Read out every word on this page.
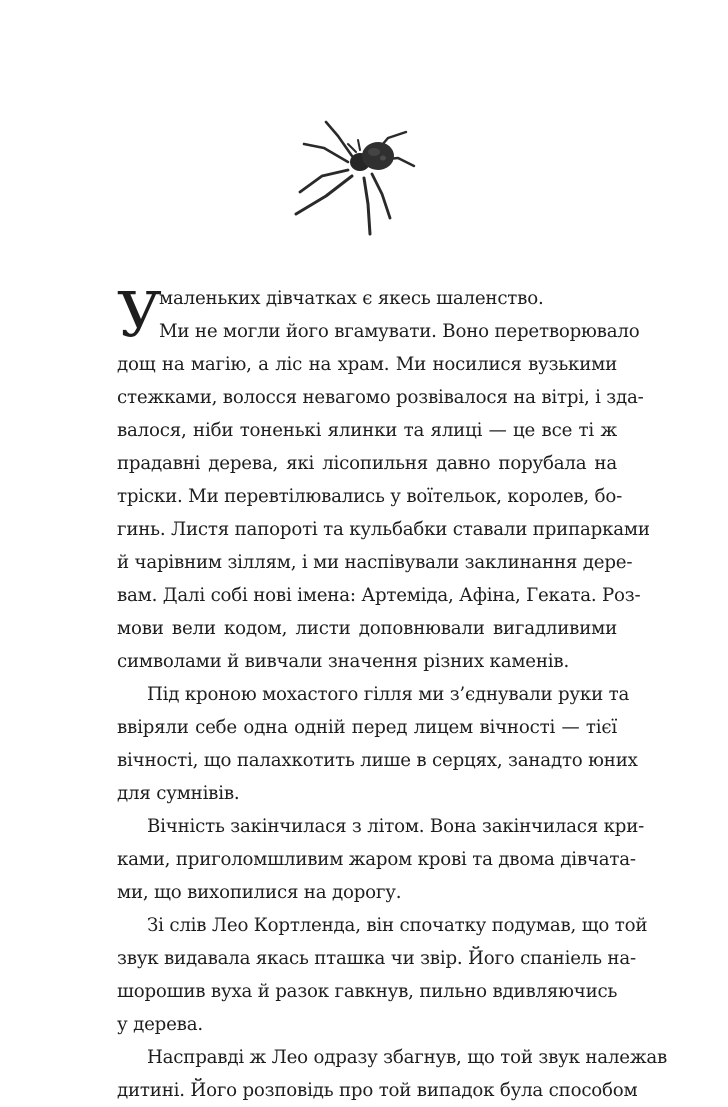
У
маленьких дівчатках є якесь шаленство.
Ми не могли його вгамувати. Воно перетворювало
дощ на магію, а ліс на храм. Ми носилися вузькими
стежками, волосся невагомо розвівалося на вітрі, і зда-
валося, ніби тоненькі ялинки та ялиці — це все ті ж
прадавні дерева, які лісопильня давно порубала на
тріски. Ми перевтілювались у воїтельок, королев, бо-
гинь. Листя папороті та кульбабки ставали припарками
й чарівним зіллям, і ми наспівували заклинання дере-
вам. Далі собі нові імена: Артеміда, Афіна, Геката. Роз-
мови вели кодом, листи доповнювали вигадливими
символами й вивчали значення різних каменів.
Під кроною мохастого гілля ми з’єднували руки та
ввіряли себе одна одній перед лицем вічності — тієї
вічності, що палахкотить лише в серцях, занадто юних
для сумнівів.
Вічність закінчилася з літом. Вона закінчилася кри-
ками, приголомшливим жаром крові та двома дівчата-
ми, що вихопилися на дорогу.
Зі слів Лео Кортленда, він спочатку подумав, що той
звук видавала якась пташка чи звір. Його спаніель на-
шорошив вуха й разок гавкнув, пильно вдивляючись
у дерева.
Насправді ж Лео одразу збагнув, що той звук належав
дитині. Його розповідь про той випадок була способом
